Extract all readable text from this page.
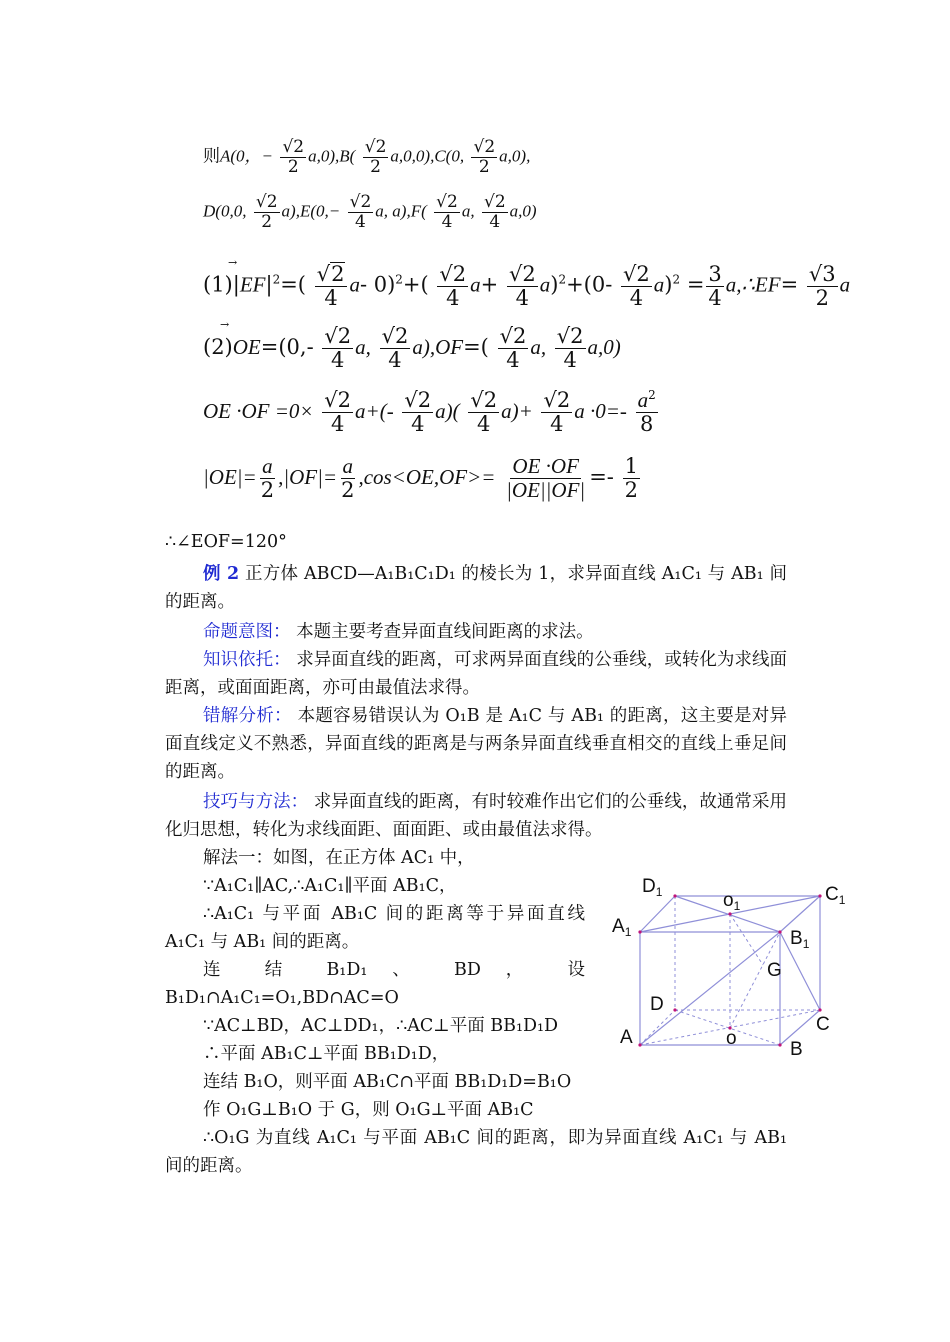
则A(0，− $\frac{√2}{2} a,0),B( \frac{√2}{2} a,0,0),C(0$, $\frac{√2}{2} a,0$),
D(0,0, $\frac{√2}{2} a),E(0,- \frac{√2}{4} a$, $a),F( \frac{√2}{4} a$, $\frac{√2}{4} a,0$)
→
$(1)|EF|^2=( \frac{√2}{4} a-$ $0)^2+( \frac{√2}{4} a+ \frac{√2}{4} a)^2+(0- \frac{√2}{4} a)^2 = \frac{3}{4}$ a,∴EF= $\frac{√3}{2}$ a
→
$(2)OE=(0,- \frac{√2}{4} a$, $\frac{√2}{4} a),OF=( \frac{√2}{4} a$, $\frac{√2}{4} a,0$)
OE $\cdot OF =0\times \frac{√2}{4} a+(- \frac{√2}{4} a)( \frac{√2}{4} a)+ \frac{√2}{4}$ $a \cdot 0=- \frac{a^2}{8}$
$|OE|= \frac{a}{2} ,|OF|= \frac{a}{2} ,\cos<OE,OF>= \frac{OE \cdot OF}{|OE||OF|} =- \frac{1}{2}$
∴∠EOF=120°
例 2 正方体 ABCD—A₁B₁C₁D₁ 的棱长为 1，求异面直线 A₁C₁ 与 AB₁ 间的距离。
命题意图： 本题主要考查异面直线间距离的求法。
知识依托： 求异面直线的距离，可求两异面直线的公垂线，或转化为求线面距离，或面面距离，亦可由最值法求得。
错解分析： 本题容易错误认为 O₁B 是 A₁C 与 AB₁ 的距离，这主要是对异面直线定义不熟悉，异面直线的距离是与两条异面直线垂直相交的直线上垂足间的距离。
技巧与方法： 求异面直线的距离，有时较难作出它们的公垂线，故通常采用化归思想，转化为求线面距、面面距、或由最值法求得。
解法一：如图，在正方体 AC₁ 中，
∵A₁C₁∥AC,∴A₁C₁∥平面 AB₁C，
∴A₁C₁ 与平面 AB₁C 间的距离等于异面直线 A₁C₁ 与 AB₁ 间的距离。
连 结 B₁D₁ 、 BD ， 设 B₁D₁∩A₁C₁=O₁,BD∩AC=O
∵AC⊥BD，AC⊥DD₁，∴AC⊥平面 BB₁D₁D
∴平面 AB₁C⊥平面 BB₁D₁D，
连结 B₁O，则平面 AB₁C∩平面 BB₁D₁D=B₁O
作 O₁G⊥B₁O 于 G，则 O₁G⊥平面 AB₁C
∴O₁G 为直线 A₁C₁ 与平面 AB₁C 间的距离，即为异面直线 A₁C₁ 与 AB₁ 间的距离。
$D_1$
$A_1$
$C_1$
$B_1$
$o_1$
G
D
A
C
B
o
